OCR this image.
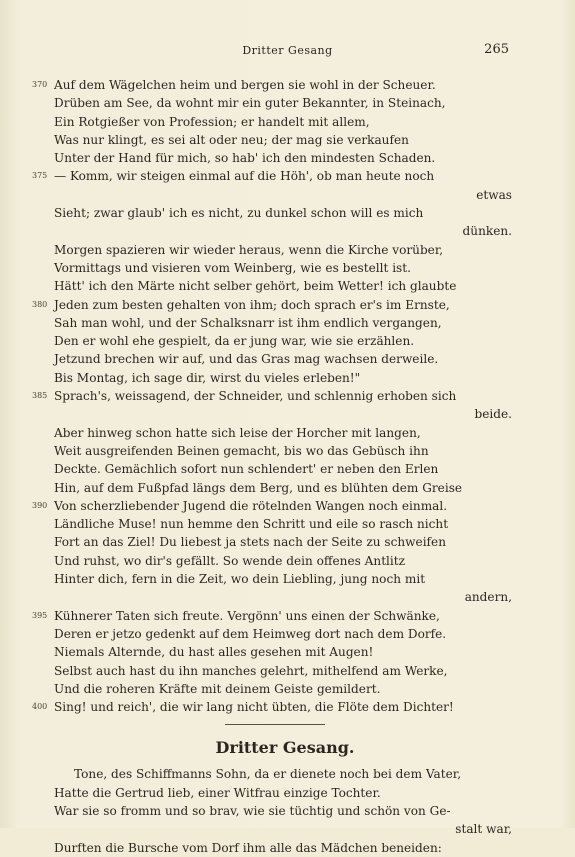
Dritter Gesang	265
370 Auf dem Wägelchen heim und bergen sie wohl in der Scheuer.
Drüben am See, da wohnt mir ein guter Bekannter, in Steinach,
Ein Rotgießer von Profession; er handelt mit allem,
Was nur klingt, es sei alt oder neu; der mag sie verkaufen
Unter der Hand für mich, so hab' ich den mindesten Schaden.
375 — Komm, wir steigen einmal auf die Höh', ob man heute noch
etwas
Sieht; zwar glaub' ich es nicht, zu dunkel schon will es mich
dünken.
Morgen spazieren wir wieder heraus, wenn die Kirche vorüber,
Vormittags und visieren vom Weinberg, wie es bestellt ist.
Hätt' ich den Märte nicht selber gehört, beim Wetter! ich glaubte
380 Jeden zum besten gehalten von ihm; doch sprach er's im Ernste,
Sah man wohl, und der Schalksnarr ist ihm endlich vergangen,
Den er wohl ehe gespielt, da er jung war, wie sie erzählen.
Jetzund brechen wir auf, und das Gras mag wachsen derweile.
Bis Montag, ich sage dir, wirst du vieles erleben!"
385 Sprach's, weissagend, der Schneider, und schlennig erhoben sich
beide.
Aber hinweg schon hatte sich leise der Horcher mit langen,
Weit ausgreifenden Beinen gemacht, bis wo das Gebüsch ihn
Deckte. Gemächlich sofort nun schlendert' er neben den Erlen
Hin, auf dem Fußpfad längs dem Berg, und es blühten dem Greise
390 Von scherzliebender Jugend die rötelnden Wangen noch einmal.
Ländliche Muse! nun hemme den Schritt und eile so rasch nicht
Fort an das Ziel! Du liebest ja stets nach der Seite zu schweifen
Und ruhst, wo dir's gefällt. So wende dein offenes Antlitz
Hinter dich, fern in die Zeit, wo dein Liebling, jung noch mit
andern,
395 Kühnerer Taten sich freute. Vergönn' uns einen der Schwänke,
Deren er jetzo gedenkt auf dem Heimweg dort nach dem Dorfe.
Niemals Alternde, du hast alles gesehen mit Augen!
Selbst auch hast du ihn manches gelehrt, mithelfend am Werke,
Und die roheren Kräfte mit deinem Geiste gemildert.
400 Sing! und reich', die wir lang nicht übten, die Flöte dem Dichter!
Dritter Gesang.
Tone, des Schiffmanns Sohn, da er dienete noch bei dem Vater,
Hatte die Gertrud lieb, einer Witfrau einzige Tochter.
War sie so fromm und so brav, wie sie tüchtig und schön von Ge-
stalt war,
Durften die Bursche vom Dorf ihm alle das Mädchen beneiden:
